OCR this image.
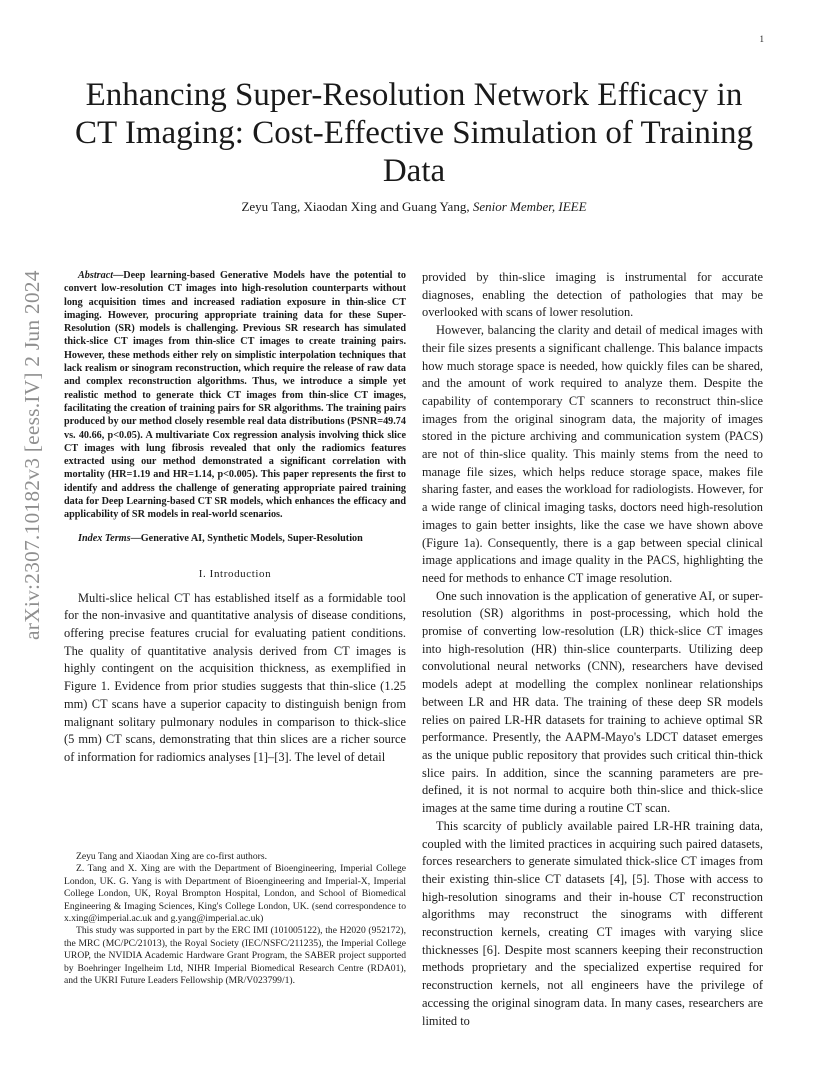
1
arXiv:2307.10182v3 [eess.IV] 2 Jun 2024
Enhancing Super-Resolution Network Efficacy in
CT Imaging: Cost-Effective Simulation of Training
Data
Zeyu Tang, Xiaodan Xing and Guang Yang, Senior Member, IEEE

Abstract—Deep learning-based Generative Models have the potential to convert low-resolution CT images into high-resolution counterparts without long acquisition times and increased radiation exposure in thin-slice CT imaging. However, procuring appropriate training data for these Super-Resolution (SR) models is challenging. Previous SR research has simulated thick-slice CT images from thin-slice CT images to create training pairs. However, these methods either rely on simplistic interpolation techniques that lack realism or sinogram reconstruction, which require the release of raw data and complex reconstruction algorithms. Thus, we introduce a simple yet realistic method to generate thick CT images from thin-slice CT images, facilitating the creation of training pairs for SR algorithms. The training pairs produced by our method closely resemble real data distributions (PSNR=49.74 vs. 40.66, p<0.05). A multivariate Cox regression analysis involving thick slice CT images with lung fibrosis revealed that only the radiomics features extracted using our method demonstrated a significant correlation with mortality (HR=1.19 and HR=1.14, p<0.005). This paper represents the first to identify and address the challenge of generating appropriate paired training data for Deep Learning-based CT SR models, which enhances the efficacy and applicability of SR models in real-world scenarios.

Index Terms—Generative AI, Synthetic Models, Super-Resolution

I. Introduction

Multi-slice helical CT has established itself as a formidable tool for the non-invasive and quantitative analysis of disease conditions, offering precise features crucial for evaluating patient conditions. The quality of quantitative analysis derived from CT images is highly contingent on the acquisition thickness, as exemplified in Figure 1. Evidence from prior studies suggests that thin-slice (1.25 mm) CT scans have a superior capacity to distinguish benign from malignant solitary pulmonary nodules in comparison to thick-slice (5 mm) CT scans, demonstrating that thin slices are a richer source of information for radiomics analyses [1]–[3]. The level of detail

Zeyu Tang and Xiaodan Xing are co-first authors.

Z. Tang and X. Xing are with the Department of Bioengineering, Imperial College London, UK. G. Yang is with Department of Bioengineering and Imperial-X, Imperial College London, UK, Royal Brompton Hospital, London, and School of Biomedical Engineering & Imaging Sciences, King's College London, UK. (send correspondence to x.xing@imperial.ac.uk and g.yang@imperial.ac.uk)

This study was supported in part by the ERC IMI (101005122), the H2020 (952172), the MRC (MC/PC/21013), the Royal Society (IEC/NSFC/211235), the Imperial College UROP, the NVIDIA Academic Hardware Grant Program, the SABER project supported by Boehringer Ingelheim Ltd, NIHR Imperial Biomedical Research Centre (RDA01), and the UKRI Future Leaders Fellowship (MR/V023799/1).

provided by thin-slice imaging is instrumental for accurate diagnoses, enabling the detection of pathologies that may be overlooked with scans of lower resolution.

However, balancing the clarity and detail of medical images with their file sizes presents a significant challenge. This balance impacts how much storage space is needed, how quickly files can be shared, and the amount of work required to analyze them. Despite the capability of contemporary CT scanners to reconstruct thin-slice images from the original sinogram data, the majority of images stored in the picture archiving and communication system (PACS) are not of thin-slice quality. This mainly stems from the need to manage file sizes, which helps reduce storage space, makes file sharing faster, and eases the workload for radiologists. However, for a wide range of clinical imaging tasks, doctors need high-resolution images to gain better insights, like the case we have shown above (Figure 1a). Consequently, there is a gap between special clinical image applications and image quality in the PACS, highlighting the need for methods to enhance CT image resolution.

One such innovation is the application of generative AI, or super-resolution (SR) algorithms in post-processing, which hold the promise of converting low-resolution (LR) thick-slice CT images into high-resolution (HR) thin-slice counterparts. Utilizing deep convolutional neural networks (CNN), researchers have devised models adept at modelling the complex nonlinear relationships between LR and HR data. The training of these deep SR models relies on paired LR-HR datasets for training to achieve optimal SR performance. Presently, the AAPM-Mayo's LDCT dataset emerges as the unique public repository that provides such critical thin-thick slice pairs. In addition, since the scanning parameters are pre-defined, it is not normal to acquire both thin-slice and thick-slice images at the same time during a routine CT scan.

This scarcity of publicly available paired LR-HR training data, coupled with the limited practices in acquiring such paired datasets, forces researchers to generate simulated thick-slice CT images from their existing thin-slice CT datasets [4], [5]. Those with access to high-resolution sinograms and their in-house CT reconstruction algorithms may reconstruct the sinograms with different reconstruction kernels, creating CT images with varying slice thicknesses [6]. Despite most scanners keeping their reconstruction methods proprietary and the specialized expertise required for reconstruction kernels, not all engineers have the privilege of accessing the original sinogram data. In many cases, researchers are limited to
